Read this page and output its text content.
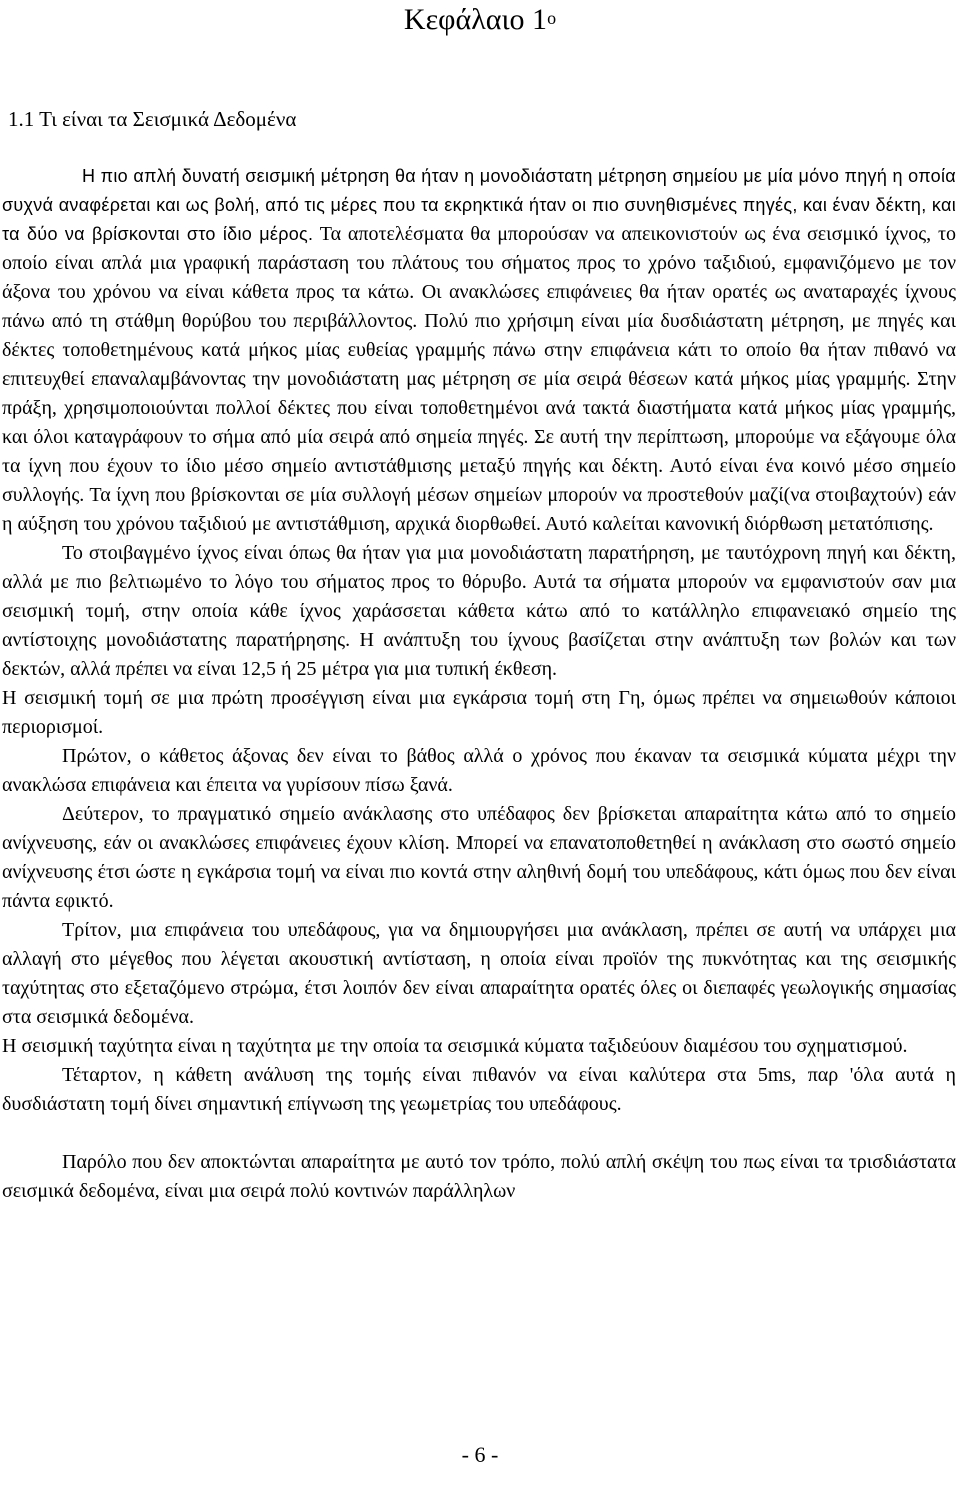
Κεφάλαιο $1^o$
1.1 Τι είναι τα Σεισμικά Δεδομένα

Η πιο απλή δυνατή σεισμική μέτρηση θα ήταν η μονοδιάστατη μέτρηση σημείου με μία μόνο πηγή η οποία συχνά αναφέρεται και ως βολή, από τις μέρες που τα εκρηκτικά ήταν οι πιο συνηθισμένες πηγές, και έναν δέκτη, και τα δύο να βρίσκονται στο ίδιο μέρος. Τα αποτελέσματα θα μπορούσαν να απεικονιστούν ως ένα σεισμικό ίχνος, το οποίο είναι απλά μια γραφική παράσταση του πλάτους του σήματος προς το χρόνο ταξιδιού, εμφανιζόμενο με τον άξονα του χρόνου να είναι κάθετα προς τα κάτω. Οι ανακλώσες επιφάνειες θα ήταν ορατές ως αναταραχές ίχνους πάνω από τη στάθμη θορύβου του περιβάλλοντος. Πολύ πιο χρήσιμη είναι μία δυσδιάστατη μέτρηση, με πηγές και δέκτες τοποθετημένους κατά μήκος μίας ευθείας γραμμής πάνω στην επιφάνεια κάτι το οποίο θα ήταν πιθανό να επιτευχθεί επαναλαμβάνοντας την μονοδιάστατη μας μέτρηση σε μία σειρά θέσεων κατά μήκος μίας γραμμής. Στην πράξη, χρησιμοποιούνται πολλοί δέκτες που είναι τοποθετημένοι ανά τακτά διαστήματα κατά μήκος μίας γραμμής, και όλοι καταγράφουν το σήμα από μία σειρά από σημεία πηγές. Σε αυτή την περίπτωση, μπορούμε να εξάγουμε όλα τα ίχνη που έχουν το ίδιο μέσο σημείο αντιστάθμισης μεταξύ πηγής και δέκτη. Αυτό είναι ένα κοινό μέσο σημείο συλλογής. Τα ίχνη που βρίσκονται σε μία συλλογή μέσων σημείων μπορούν να προστεθούν μαζί(να στοιβαχτούν) εάν η αύξηση του χρόνου ταξιδιού με αντιστάθμιση, αρχικά διορθωθεί. Αυτό καλείται κανονική διόρθωση μετατόπισης.

Το στοιβαγμένο ίχνος είναι όπως θα ήταν για μια μονοδιάστατη παρατήρηση, με ταυτόχρονη πηγή και δέκτη, αλλά με πιο βελτιωμένο το λόγο του σήματος προς το θόρυβο. Αυτά τα σήματα μπορούν να εμφανιστούν σαν μια σεισμική τομή, στην οποία κάθε ίχνος χαράσσεται κάθετα κάτω από το κατάλληλο επιφανειακό σημείο της αντίστοιχης μονοδιάστατης παρατήρησης. Η ανάπτυξη του ίχνους βασίζεται στην ανάπτυξη των βολών και των δεκτών, αλλά πρέπει να είναι 12,5 ή 25 μέτρα για μια τυπική έκθεση.

Η σεισμική τομή σε μια πρώτη προσέγγιση είναι μια εγκάρσια τομή στη Γη, όμως πρέπει να σημειωθούν κάποιοι περιορισμοί.

Πρώτον, ο κάθετος άξονας δεν είναι το βάθος αλλά ο χρόνος που έκαναν τα σεισμικά κύματα μέχρι την ανακλώσα επιφάνεια και έπειτα να γυρίσουν πίσω ξανά.

Δεύτερον, το πραγματικό σημείο ανάκλασης στο υπέδαφος δεν βρίσκεται απαραίτητα κάτω από το σημείο ανίχνευσης, εάν οι ανακλώσες επιφάνειες έχουν κλίση. Μπορεί να επανατοποθετηθεί η ανάκλαση στο σωστό σημείο ανίχνευσης έτσι ώστε η εγκάρσια τομή να είναι πιο κοντά στην αληθινή δομή του υπεδάφους, κάτι όμως που δεν είναι πάντα εφικτό.

Τρίτον, μια επιφάνεια του υπεδάφους, για να δημιουργήσει μια ανάκλαση, πρέπει σε αυτή να υπάρχει μια αλλαγή στο μέγεθος που λέγεται ακουστική αντίσταση, η οποία είναι προϊόν της πυκνότητας και της σεισμικής ταχύτητας στο εξεταζόμενο στρώμα, έτσι λοιπόν δεν είναι απαραίτητα ορατές όλες οι διεπαφές γεωλογικής σημασίας στα σεισμικά δεδομένα.

Η σεισμική ταχύτητα είναι η ταχύτητα με την οποία τα σεισμικά κύματα ταξιδεύουν διαμέσου του σχηματισμού.

Τέταρτον, η κάθετη ανάλυση της τομής είναι πιθανόν να είναι καλύτερα στα 5ms, παρ 'όλα αυτά η δυσδιάστατη τομή δίνει σημαντική επίγνωση της γεωμετρίας του υπεδάφους.

Παρόλο που δεν αποκτώνται απαραίτητα με αυτό τον τρόπο, πολύ απλή σκέψη του πως είναι τα τρισδιάστατα σεισμικά δεδομένα, είναι μια σειρά πολύ κοντινών παράλληλων

- 6 -
